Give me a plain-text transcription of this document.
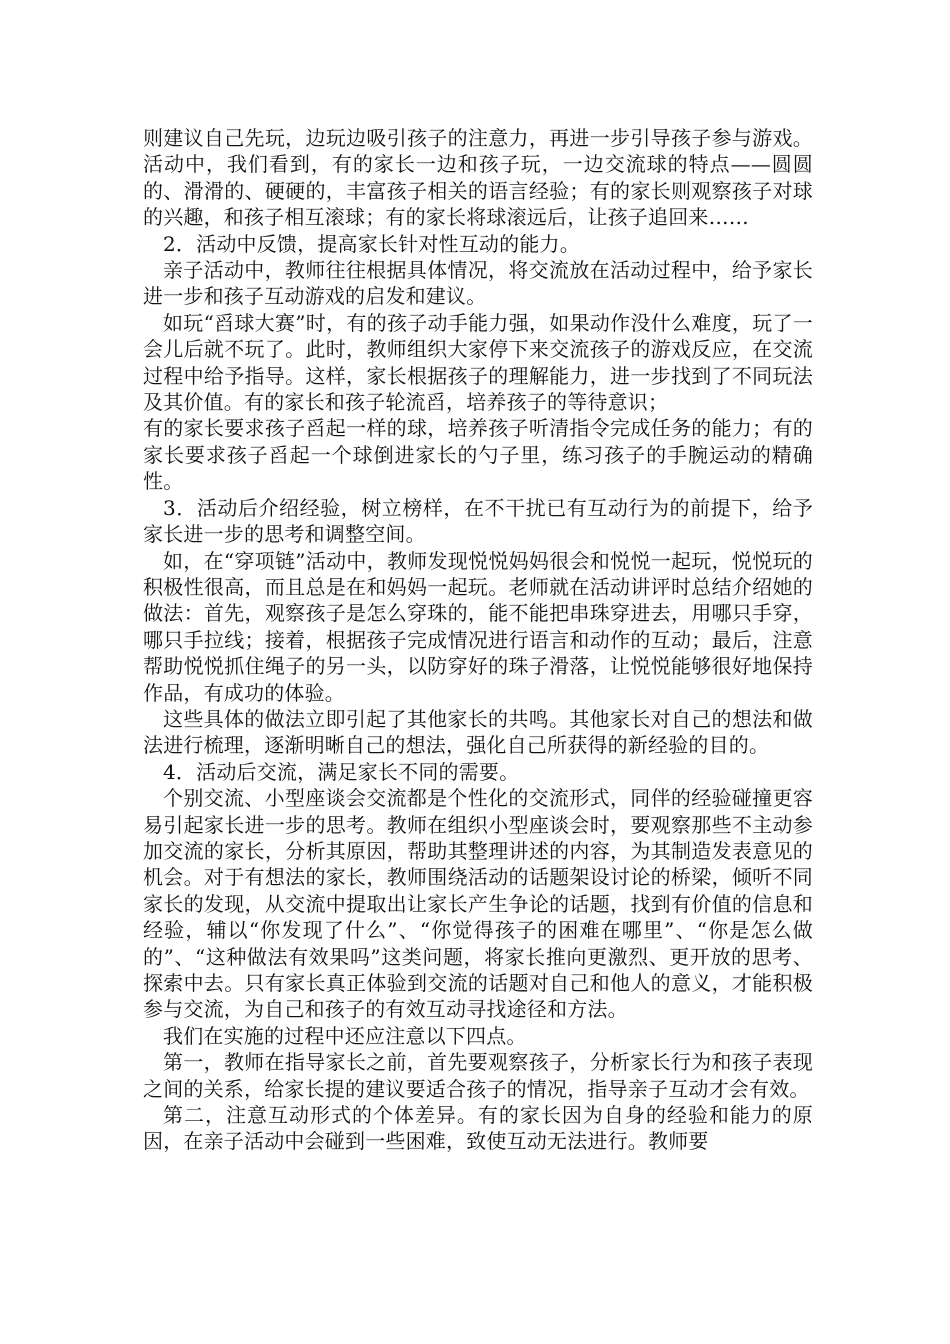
则建议自己先玩，边玩边吸引孩子的注意力，再进一步引导孩子参与游戏。活动中，我们看到，有的家长一边和孩子玩，一边交流球的特点——圆圆的、滑滑的、硬硬的，丰富孩子相关的语言经验；有的家长则观察孩子对球的兴趣，和孩子相互滚球；有的家长将球滚远后，让孩子追回来……

2．活动中反馈，提高家长针对性互动的能力。

亲子活动中，教师往往根据具体情况，将交流放在活动过程中，给予家长进一步和孩子互动游戏的启发和建议。

如玩“舀球大赛”时，有的孩子动手能力强，如果动作没什么难度，玩了一会儿后就不玩了。此时，教师组织大家停下来交流孩子的游戏反应，在交流过程中给予指导。这样，家长根据孩子的理解能力，进一步找到了不同玩法及其价值。有的家长和孩子轮流舀，培养孩子的等待意识；

有的家长要求孩子舀起一样的球，培养孩子听清指令完成任务的能力；有的家长要求孩子舀起一个球倒进家长的勺子里，练习孩子的手腕运动的精确性。

3．活动后介绍经验，树立榜样，在不干扰已有互动行为的前提下，给予家长进一步的思考和调整空间。

如，在“穿项链”活动中，教师发现悦悦妈妈很会和悦悦一起玩，悦悦玩的积极性很高，而且总是在和妈妈一起玩。老师就在活动讲评时总结介绍她的做法：首先，观察孩子是怎么穿珠的，能不能把串珠穿进去，用哪只手穿，哪只手拉线；接着，根据孩子完成情况进行语言和动作的互动；最后，注意帮助悦悦抓住绳子的另一头，以防穿好的珠子滑落，让悦悦能够很好地保持作品，有成功的体验。

这些具体的做法立即引起了其他家长的共鸣。其他家长对自己的想法和做法进行梳理，逐渐明晰自己的想法，强化自己所获得的新经验的目的。

4．活动后交流，满足家长不同的需要。

个别交流、小型座谈会交流都是个性化的交流形式，同伴的经验碰撞更容易引起家长进一步的思考。教师在组织小型座谈会时，要观察那些不主动参加交流的家长，分析其原因，帮助其整理讲述的内容，为其制造发表意见的机会。对于有想法的家长，教师围绕活动的话题架设讨论的桥梁，倾听不同家长的发现，从交流中提取出让家长产生争论的话题，找到有价值的信息和经验，辅以“你发现了什么”、“你觉得孩子的困难在哪里”、“你是怎么做的”、“这种做法有效果吗”这类问题，将家长推向更激烈、更开放的思考、探索中去。只有家长真正体验到交流的话题对自己和他人的意义，才能积极参与交流，为自己和孩子的有效互动寻找途径和方法。

我们在实施的过程中还应注意以下四点。

第一，教师在指导家长之前，首先要观察孩子，分析家长行为和孩子表现之间的关系，给家长提的建议要适合孩子的情况，指导亲子互动才会有效。

第二，注意互动形式的个体差异。有的家长因为自身的经验和能力的原因，在亲子活动中会碰到一些困难，致使互动无法进行。教师要
